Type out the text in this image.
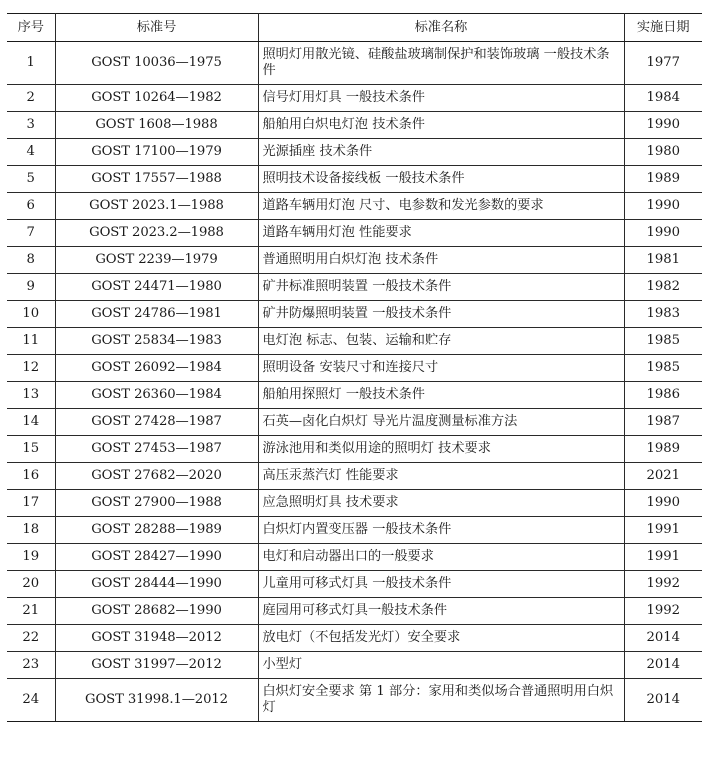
序号	标准号	标准名称	实施日期
1	GOST 10036—1975	照明灯用散光镜、硅酸盐玻璃制保护和装饰玻璃 一般技术条件	1977
2	GOST 10264—1982	信号灯用灯具 一般技术条件	1984
3	GOST 1608—1988	船舶用白炽电灯泡 技术条件	1990
4	GOST 17100—1979	光源插座 技术条件	1980
5	GOST 17557—1988	照明技术设备接线板 一般技术条件	1989
6	GOST 2023.1—1988	道路车辆用灯泡 尺寸、电参数和发光参数的要求	1990
7	GOST 2023.2—1988	道路车辆用灯泡 性能要求	1990
8	GOST 2239—1979	普通照明用白炽灯泡 技术条件	1981
9	GOST 24471—1980	矿井标准照明装置 一般技术条件	1982
10	GOST 24786—1981	矿井防爆照明装置 一般技术条件	1983
11	GOST 25834—1983	电灯泡 标志、包装、运输和贮存	1985
12	GOST 26092—1984	照明设备 安装尺寸和连接尺寸	1985
13	GOST 26360—1984	船舶用探照灯 一般技术条件	1986
14	GOST 27428—1987	石英—卤化白炽灯 导光片温度测量标准方法	1987
15	GOST 27453—1987	游泳池用和类似用途的照明灯 技术要求	1989
16	GOST 27682—2020	高压汞蒸汽灯 性能要求	2021
17	GOST 27900—1988	应急照明灯具 技术要求	1990
18	GOST 28288—1989	白炽灯内置变压器 一般技术条件	1991
19	GOST 28427—1990	电灯和启动器出口的一般要求	1991
20	GOST 28444—1990	儿童用可移式灯具 一般技术条件	1992
21	GOST 28682—1990	庭园用可移式灯具一般技术条件	1992
22	GOST 31948—2012	放电灯（不包括发光灯）安全要求	2014
23	GOST 31997—2012	小型灯	2014
24	GOST 31998.1—2012	白炽灯安全要求 第 1 部分：家用和类似场合普通照明用白炽灯	2014
